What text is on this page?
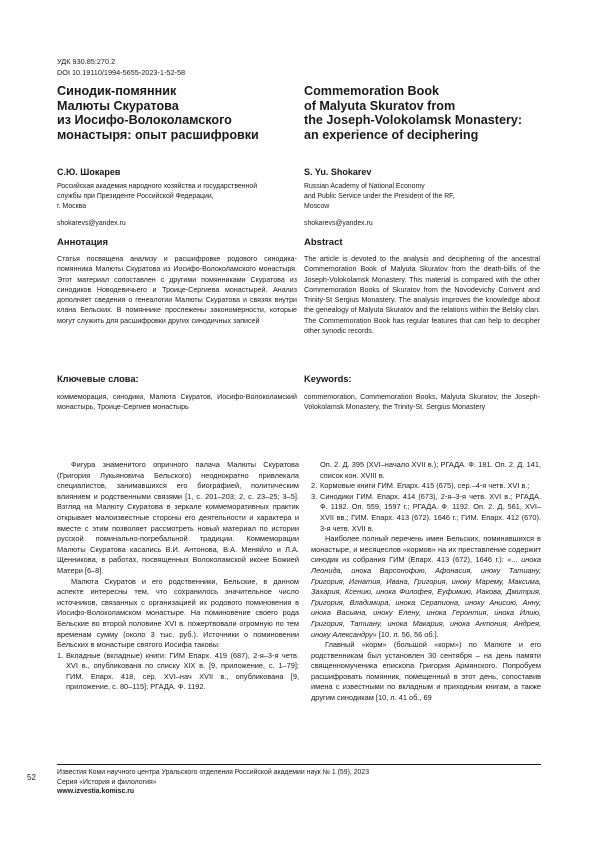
УДК 930.85:270.2
DOI 10.19110/1994-5655-2023-1-52-58
Синодик-помянник
Малюты Скуратова
из Иосифо-Волоколамского
монастыря: опыт расшифровки
С.Ю. Шокарев
Российская академия народного хозяйства и государственной
службы при Президенте Российской Федерации,
г. Москва
shokarevs@yandex.ru
Аннотация
Статья посвящена анализу и расшифровке родового синодика-помянника Малюты Скуратова из Иосифо-Волоколамского монастыря. Этот материал сопоставлен с другими помянниками Скуратова из синодиков Новодевичьего и Троице-Сергиева монастырей. Анализ дополняет сведения о генеалогии Малюты Скуратова и связях внутри клана Бельских. В помяннике прослежены закономерности, которые могут служить для расшифровки других синодичных записей
Ключевые слова:
коммеморация, синодики, Малюта Скуратов, Иосифо-Волоколамский монастырь, Троице-Сергиев монастырь
Commemoration Book
of Malyuta Skuratov from
the Joseph-Volokolamsk Monastery:
an experience of deciphering
S. Yu. Shokarev
Russian Academy of National Economy
and Public Service under the President of the RF,
Moscow
shokarevs@yandex.ru
Abstract
The article is devoted to the analysis and deciphering of the ancestral Commemoration Book of Malyuta Skuratov from the death-bills of the Joseph-Volokolamsk Monastery. This material is compared with the other Commemoration Books of Skuratov from the Novodevichy Convent and Trinity-St Sergius Monastery. The analysis improves the knowledge about the genealogy of Malyuta Skuratov and the relations within the Belsky clan. The Commemoration Book has regular features that can help to decipher other synodic records.
Keywords:
commemoration, Commemoration Books, Malyuta Skuratov, the Joseph-Volokolamsk Monastery, the Trinity-St. Sergius Monastery

Фигура знаменитого опричного палача Малюты Скуратова (Григория Лукьяновича Бельского) неоднократно привлекала специалистов, занимавшихся его биографией, политическим влиянием и родственными связями [1, с. 201–203; 2, с. 23–25; 3–5]. Взгляд на Малюту Скуратова в зеркале коммеморативных практик открывает малоизвестные стороны его деятельности и характера и вместе с этим позволяет рассмотреть новый материал по истории русской поминально-погребальной традиции. Коммеморации Малюты Скуратова касались В.И. Антонова, В.А. Меняйло и Л.А. Щенникова, в работах, посвященных Волоколамской иконе Божией Матери [6–8].

Малюта Скуратов и его родственники, Бельские, в данном аспекте интересны тем, что сохранилось значительное число источников, связанных с организацией их родового поминовения в Иосифо-Волоколамском монастыре. На поминовение своего рода Бельские во второй половине XVI в. пожертвовали огромную по тем временам сумму (около 3 тыс. руб.). Источники о поминовении Бельских в монастыре святого Иосифа таковы:

1. Вкладные (вкладные) книги: ГИМ Епарх. 419 (687), 2-я–3-я четв. XVI в., опубликована по списку XIX в. [9, приложение, с. 1–79]; ГИМ. Епарх. 418, сер. XVI–нач XVII в., опубликована [9, приложение, с. 80–115]; РГАДА. Ф. 1192.
Оп. 2. Д. 395 (XVI–начало XVII в.); РГАДА. Ф. 181. Оп. 2. Д. 141, список кон. XVIII в.
2. Кормовые книги ГИМ. Епарх. 415 (675), сер.–4-я четв. XVI в.;
3. Синодики ГИМ. Епарх. 414 (673), 2-я–3-я четв. XVI в.; РГАДА. Ф. 1192. Оп. 559, 1597 г.; РГАДА. Ф. 1192. Оп. 2. Д. 561, XVI–XVII вв.; ГИМ. Епарх. 413 (672). 1646 г.; ГИМ. Епарх. 412 (670). 3-я четв. XVII в.

Наиболее полный перечень имен Бельских, поминавшихся в монастыре, и месяцеслов «кормов» на их преставление содержит синодик из собрания ГИМ (Епарх. 413 (672), 1646 г.): «... инока Леонида, инока Варсонофию, Афонасия, иноку Татиану, Григория, Игнатия, Ивана, Григория, иноку Марему, Максима, Захария, Ксению, инока Филофея, Еуфимию, Иакова, Дмитрия, Григория, Владимира, инока Серапиона, иноку Анисию, Анну, инока Васьяна, иноку Елену, инока Геронтия, инока Илию, Григория, Татиану, инока Макария, инока Антония, Андрея, иноку Александру» [10, л. 56, 56 об.].

Главный «корм» (большой «корм») по Малюте и его родственникам был установлен 30 сентября – на день памяти священномученика епископа Григория Армянского. Попробуем расшифровать помянник, помещенный в этот день, сопоставив имена с известными по вкладным и приходным книгам, а также другим синодикам [10, л. 41 об., 69

52
Известия Коми научного центра Уральского отделения Российской академии наук № 1 (59), 2023
Серия «История и филология»
www.izvestia.komisc.ru
